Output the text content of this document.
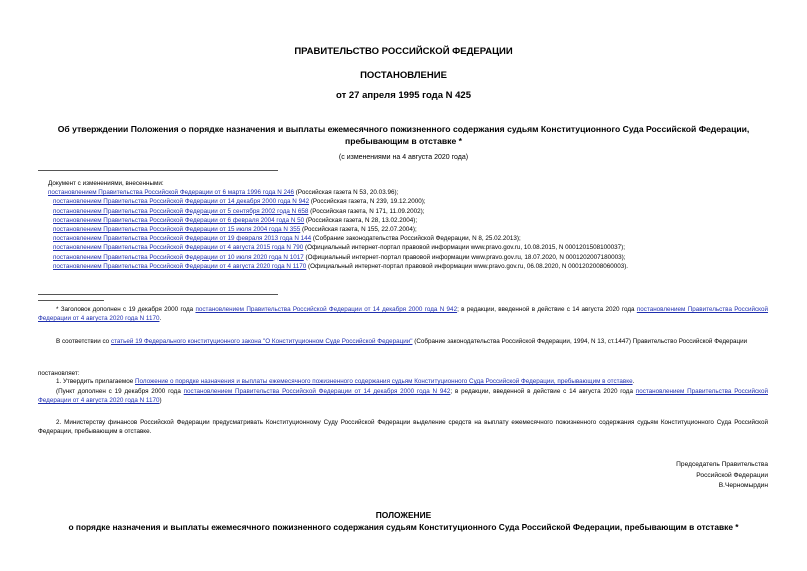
ПРАВИТЕЛЬСТВО РОССИЙСКОЙ ФЕДЕРАЦИИ
ПОСТАНОВЛЕНИЕ
от 27 апреля 1995 года N 425
Об утверждении Положения о порядке назначения и выплаты ежемесячного пожизненного содержания судьям Конституционного Суда Российской Федерации,
пребывающим в отставке *
(с изменениями на 4 августа 2020 года)
Документ с изменениями, внесенными:
постановлением Правительства Российской Федерации от 6 марта 1996 года N 246 (Российская газета N 53, 20.03.96);
постановлением Правительства Российской Федерации от 14 декабря 2000 года N 942 (Российская газета, N 239, 19.12.2000);
постановлением Правительства Российской Федерации от 5 сентября 2002 года N 658 (Российская газета, N 171, 11.09.2002);
постановлением Правительства Российской Федерации от 6 февраля 2004 года N 50 (Российская газета, N 28, 13.02.2004);
постановлением Правительства Российской Федерации от 15 июля 2004 года N 355 (Российская газета, N 155, 22.07.2004);
постановлением Правительства Российской Федерации от 19 февраля 2013 года N 144 (Собрание законодательства Российской Федерации, N 8, 25.02.2013);
постановлением Правительства Российской Федерации от 4 августа 2015 года N 790 (Официальный интернет-портал правовой информации www.pravo.gov.ru, 10.08.2015, N 0001201508100037);
постановлением Правительства Российской Федерации от 10 июля 2020 года N 1017 (Официальный интернет-портал правовой информации www.pravo.gov.ru, 18.07.2020, N 0001202007180003);
постановлением Правительства Российской Федерации от 4 августа 2020 года N 1170 (Официальный интернет-портал правовой информации www.pravo.gov.ru, 06.08.2020, N 0001202008060003).
* Заголовок дополнен с 19 декабря 2000 года постановлением Правительства Российской Федерации от 14 декабря 2000 года N 942; в редакции, введенной в действие с 14 августа 2020 года постановлением Правительства Российской Федерации от 4 августа 2020 года N 1170.
В соответствии со статьей 19 Федерального конституционного закона "О Конституционном Суде Российской Федерации" (Собрание законодательства Российской Федерации, 1994, N 13, ст.1447) Правительство Российской Федерации
постановляет:
1. Утвердить прилагаемое Положение о порядке назначения и выплаты ежемесячного пожизненного содержания судьям Конституционного Суда Российской Федерации, пребывающим в отставке.
(Пункт дополнен с 19 декабря 2000 года постановлением Правительства Российской Федерации от 14 декабря 2000 года N 942; в редакции, введенной в действие с 14 августа 2020 года постановлением Правительства Российской Федерации от 4 августа 2020 года N 1170)
2. Министерству финансов Российской Федерации предусматривать Конституционному Суду Российской Федерации выделение средств на выплату ежемесячного пожизненного содержания судьям Конституционного Суда Российской Федерации, пребывающим в отставке.
Председатель Правительства
Российской Федерации
В.Черномырдин
ПОЛОЖЕНИЕ
о порядке назначения и выплаты ежемесячного пожизненного содержания судьям Конституционного Суда Российской Федерации, пребывающим в отставке *
